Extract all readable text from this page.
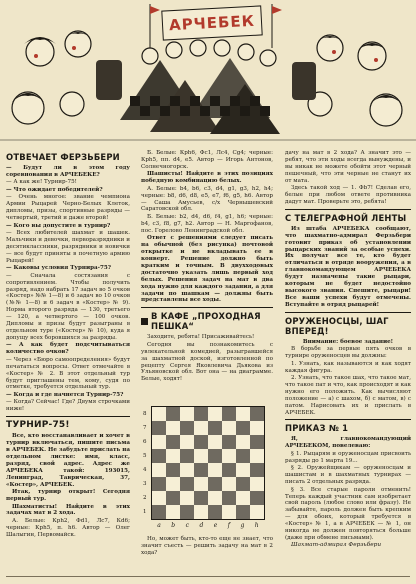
АРЧЕБЕК
ОТВЕЧАЕТ ФЕРЗЬБЕРИ

— Будут ли в этом году соревнования в АРЧЕБЕКЕ?

— А как же! Турнир-75!

— Что ожидает победителей?

— Очень многое: звание чемпиона Армии Рыцарей Черно-Белых Клеток, дипломы, призы, спортивные разряды — четвертый, третий и даже второй!

— Кого вы допустите в турнир?

— Всех любителей шахмат и шашек. Мальчики и девочки, перворазрядники и десятиклассники, разрядники и новички — все будут приняты в почетную армию Рыцарей!

— Каковы условия Турнира-75?

— Сначала состязания с сопротивлением. Чтобы получить разряд, надо набрать 17 задач во 5 очков «Костер» №№ 1—8) и 6 задач во 10 очков (№№ 1—8) и 6 задач в «Костер» № 9). Норма второго разряда — 130, третьего — 120, а четвертого — 100 очков. Дипломы и призы будут разыграны в отдельном туре («Костер» № 10), куда я допущу всех боровшихся за разряды.

— А как будет подсчитываться количество очков?

— Через «Бюро самоопределения» будут печататься вопросы. Ответ отмечайте в «Костер» № 2. В этот отдельный тур будут приглашены тем, кому, судя по отметке, требуется отдельный тур.

— Когда и где начнется Турнир-75?

— Когда? Сейчас! Где? Двумя строчками ниже!

ТУРНИР-75!

Все, кто восстанавливает и хочет в турнир включаться, пишите письма в АРЧЕБЕК. Не забудьте прислать на отдельном листке: имя, класс, разряд, свой адрес. Адрес же АРЧЕБЕКА такой: 193015, Ленинград, Таврическая, 37, «Костер», АРЧЕБЕК.

Итак, турнир открыт! Сегодня первый тур.

Шахматисты! Найдите в этих задачах мат в 2 хода.

А. Белые: Крh2, Фd1, Лc7, Кd6; черные: Крh5, п. h6. Автор — Олег Шалыгин, Первомайск.

Б. Белые: Крh6, Фc1, Лc4, Сg4; черные: Крh5, пп. d4, e5. Автор — Игорь Антонов, Солнечногорск.

Шашисты! Найдите в этих позициях победную комбинацию белых.

А. Белые: b4, b6, c3, d4, g1, g3, h2, h4; черные: b8, d6, d8, e5, e7, f6, g5, h6. Автор — Саша Амусьев, с/х Чернышевский Саратовской обл.

Б. Белые: b2, d4, d6, f4, g1, h6; черные: b4, c3, f8, g7, h2. Автор — Н. Маргофанов, пос. Горелово Ленинградской обл.

Ответ с решениями следует писать на обычной (без рисунка) почтовой открытке и не вкладывать ее в конверт. Решение должно быть кратким и точным. В двухходовых достаточно указать лишь первый ход белых. Решения задач на мат в два хода нужно для каждого задания, а для задачи по шашкам — должны быть представлены все ходы.

В КАФЕ „ПРОХОДНАЯ ПЕШКА“

Заходите, ребята! Присаживайтесь!

Сегодня вы познакомитесь с увлекательной комедией, разыгравшейся за шахматной доской, изготовленной по рецепту Сергея Яковлевича Дьякова из Ульяновской обл. Вот она — на диаграмме. Белые, ходят!

8
7
6
5
4
3
2
1
a b c d e f g h
Но, может быть, кто-то еще не знает, что значит съесть — решить задачу на мат в 2 хода?

дачу на мат в 2 хода? А значит это — ребят, что эти ходы всегда вынуждены, и вы никак не можете обойти этот черный пешечный, что эти черные не станут их от мата.

Здесь такой ход — 1. Фb7! Сделав его, белые при любом ответе противника дадут мат. Проверьте это, ребята!

С ТЕЛЕГРАФНОЙ ЛЕНТЫ

Из штаба АРЧЕБЕКА сообщают, что шахматно-адмирал Ферзьбери готовит приказ об установлении рыцарских званий за особые успехи. Их получат все те, кто будет отличаться в отряде вооружения, а в главнокомандующем АРЧЕБЕКА будут назначены такие рыцари, которым не будет недостойно высокого звания. Спешите, рыцари! Все ваши успехи будут отмечены. Вступайте в отряд рыцарей!

ОРУЖЕНОСЦЫ, ШАГ ВПЕРЕД!

Внимание: боевое задание!

В борьбе за первые пять очков в турнире оруженосцев вы должны:

1. Узнать, как называются и как ходят каждая фигура.

2. Узнать, что такое шах, что такое мат, что такое пат и что, как происходят и как нужно его положить. Как вычисляют положение — а) с шахом, б) с матом, в) с патом. Нарисовать их и прислать в АРЧЕБЕК.

ПРИКАЗ № 1

Я, главнокомандующий АРЧЕБЕКОМ, повелеваю:

§ 1. Рыцарям и оруженосцам присвоить разряды до 1 марта 19...

§ 2. Оружейщикам — оруженосцам и шашистам и в шахматных турнирах — писать 2 отдельных разряда.

§ 3. Все старые пароли отменить! Теперь каждый участник сам изобретает свой пароль (любое слово или фразу). Не забывайте, пароль должен быть крепким — для обоих, который требуется в «Костер» № 1, а в АРЧЕБЕК — № 1, он никогда не должен повторяться больше (даже при обмене письмами).

Шахмат-адмирал Ферзьбери
